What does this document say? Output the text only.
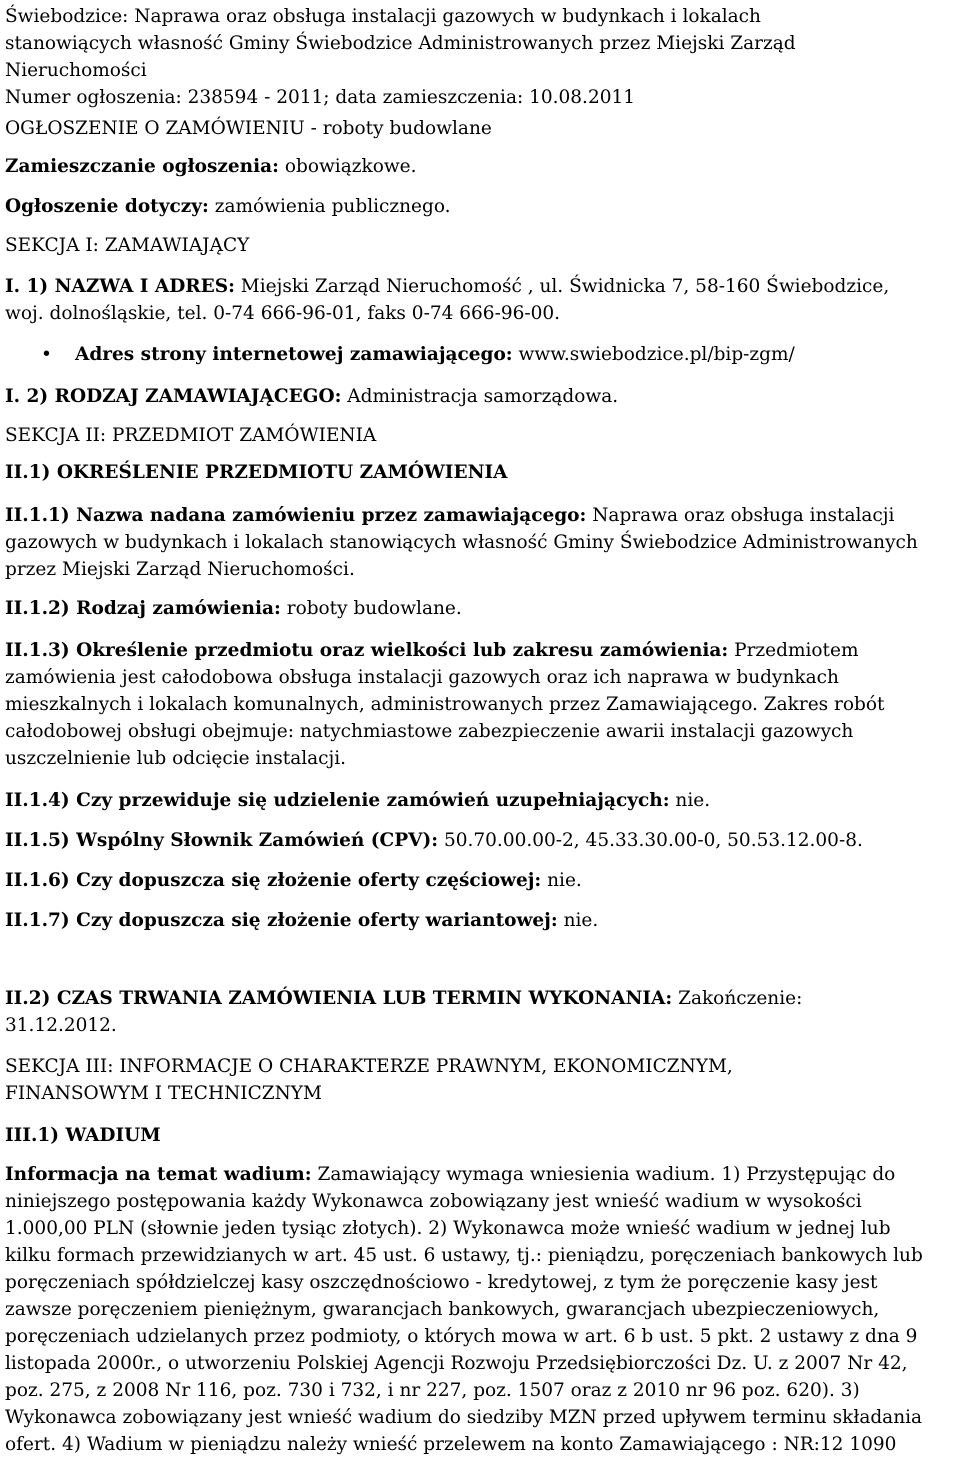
Świebodzice: Naprawa oraz obsługa instalacji gazowych w budynkach i lokalach

stanowiących własność Gminy Świebodzice Administrowanych przez Miejski Zarząd

Nieruchomości

Numer ogłoszenia: 238594 - 2011; data zamieszczenia: 10.08.2011

OGŁOSZENIE O ZAMÓWIENIU - roboty budowlane

Zamieszczanie ogłoszenia: obowiązkowe.

Ogłoszenie dotyczy: zamówienia publicznego.

SEKCJA I: ZAMAWIAJĄCY

I. 1) NAZWA I ADRES: Miejski Zarząd Nieruchomość , ul. Świdnicka 7, 58-160 Świebodzice,

woj. dolnośląskie, tel. 0-74 666-96-01, faks 0-74 666-96-00.

• Adres strony internetowej zamawiającego: www.swiebodzice.pl/bip-zgm/

I. 2) RODZAJ ZAMAWIAJĄCEGO: Administracja samorządowa.

SEKCJA II: PRZEDMIOT ZAMÓWIENIA

II.1) OKREŚLENIE PRZEDMIOTU ZAMÓWIENIA

II.1.1) Nazwa nadana zamówieniu przez zamawiającego: Naprawa oraz obsługa instalacji

gazowych w budynkach i lokalach stanowiących własność Gminy Świebodzice Administrowanych

przez Miejski Zarząd Nieruchomości.

II.1.2) Rodzaj zamówienia: roboty budowlane.

II.1.3) Określenie przedmiotu oraz wielkości lub zakresu zamówienia: Przedmiotem

zamówienia jest całodobowa obsługa instalacji gazowych oraz ich naprawa w budynkach

mieszkalnych i lokalach komunalnych, administrowanych przez Zamawiającego. Zakres robót

całodobowej obsługi obejmuje: natychmiastowe zabezpieczenie awarii instalacji gazowych

uszczelnienie lub odcięcie instalacji.

II.1.4) Czy przewiduje się udzielenie zamówień uzupełniających: nie.

II.1.5) Wspólny Słownik Zamówień (CPV): 50.70.00.00-2, 45.33.30.00-0, 50.53.12.00-8.

II.1.6) Czy dopuszcza się złożenie oferty częściowej: nie.

II.1.7) Czy dopuszcza się złożenie oferty wariantowej: nie.

II.2) CZAS TRWANIA ZAMÓWIENIA LUB TERMIN WYKONANIA: Zakończenie:

31.12.2012.

SEKCJA III: INFORMACJE O CHARAKTERZE PRAWNYM, EKONOMICZNYM,

FINANSOWYM I TECHNICZNYM

III.1) WADIUM

Informacja na temat wadium: Zamawiający wymaga wniesienia wadium. 1) Przystępując do

niniejszego postępowania każdy Wykonawca zobowiązany jest wnieść wadium w wysokości

1.000,00 PLN (słownie jeden tysiąc złotych). 2) Wykonawca może wnieść wadium w jednej lub

kilku formach przewidzianych w art. 45 ust. 6 ustawy, tj.: pieniądzu, poręczeniach bankowych lub

poręczeniach spółdzielczej kasy oszczędnościowo - kredytowej, z tym że poręczenie kasy jest

zawsze poręczeniem pieniężnym, gwarancjach bankowych, gwarancjach ubezpieczeniowych,

poręczeniach udzielanych przez podmioty, o których mowa w art. 6 b ust. 5 pkt. 2 ustawy z dna 9

listopada 2000r., o utworzeniu Polskiej Agencji Rozwoju Przedsiębiorczości Dz. U. z 2007 Nr 42,

poz. 275, z 2008 Nr 116, poz. 730 i 732, i nr 227, poz. 1507 oraz z 2010 nr 96 poz. 620). 3)

Wykonawca zobowiązany jest wnieść wadium do siedziby MZN przed upływem terminu składania

ofert. 4) Wadium w pieniądzu należy wnieść przelewem na konto Zamawiającego : NR:12 1090
